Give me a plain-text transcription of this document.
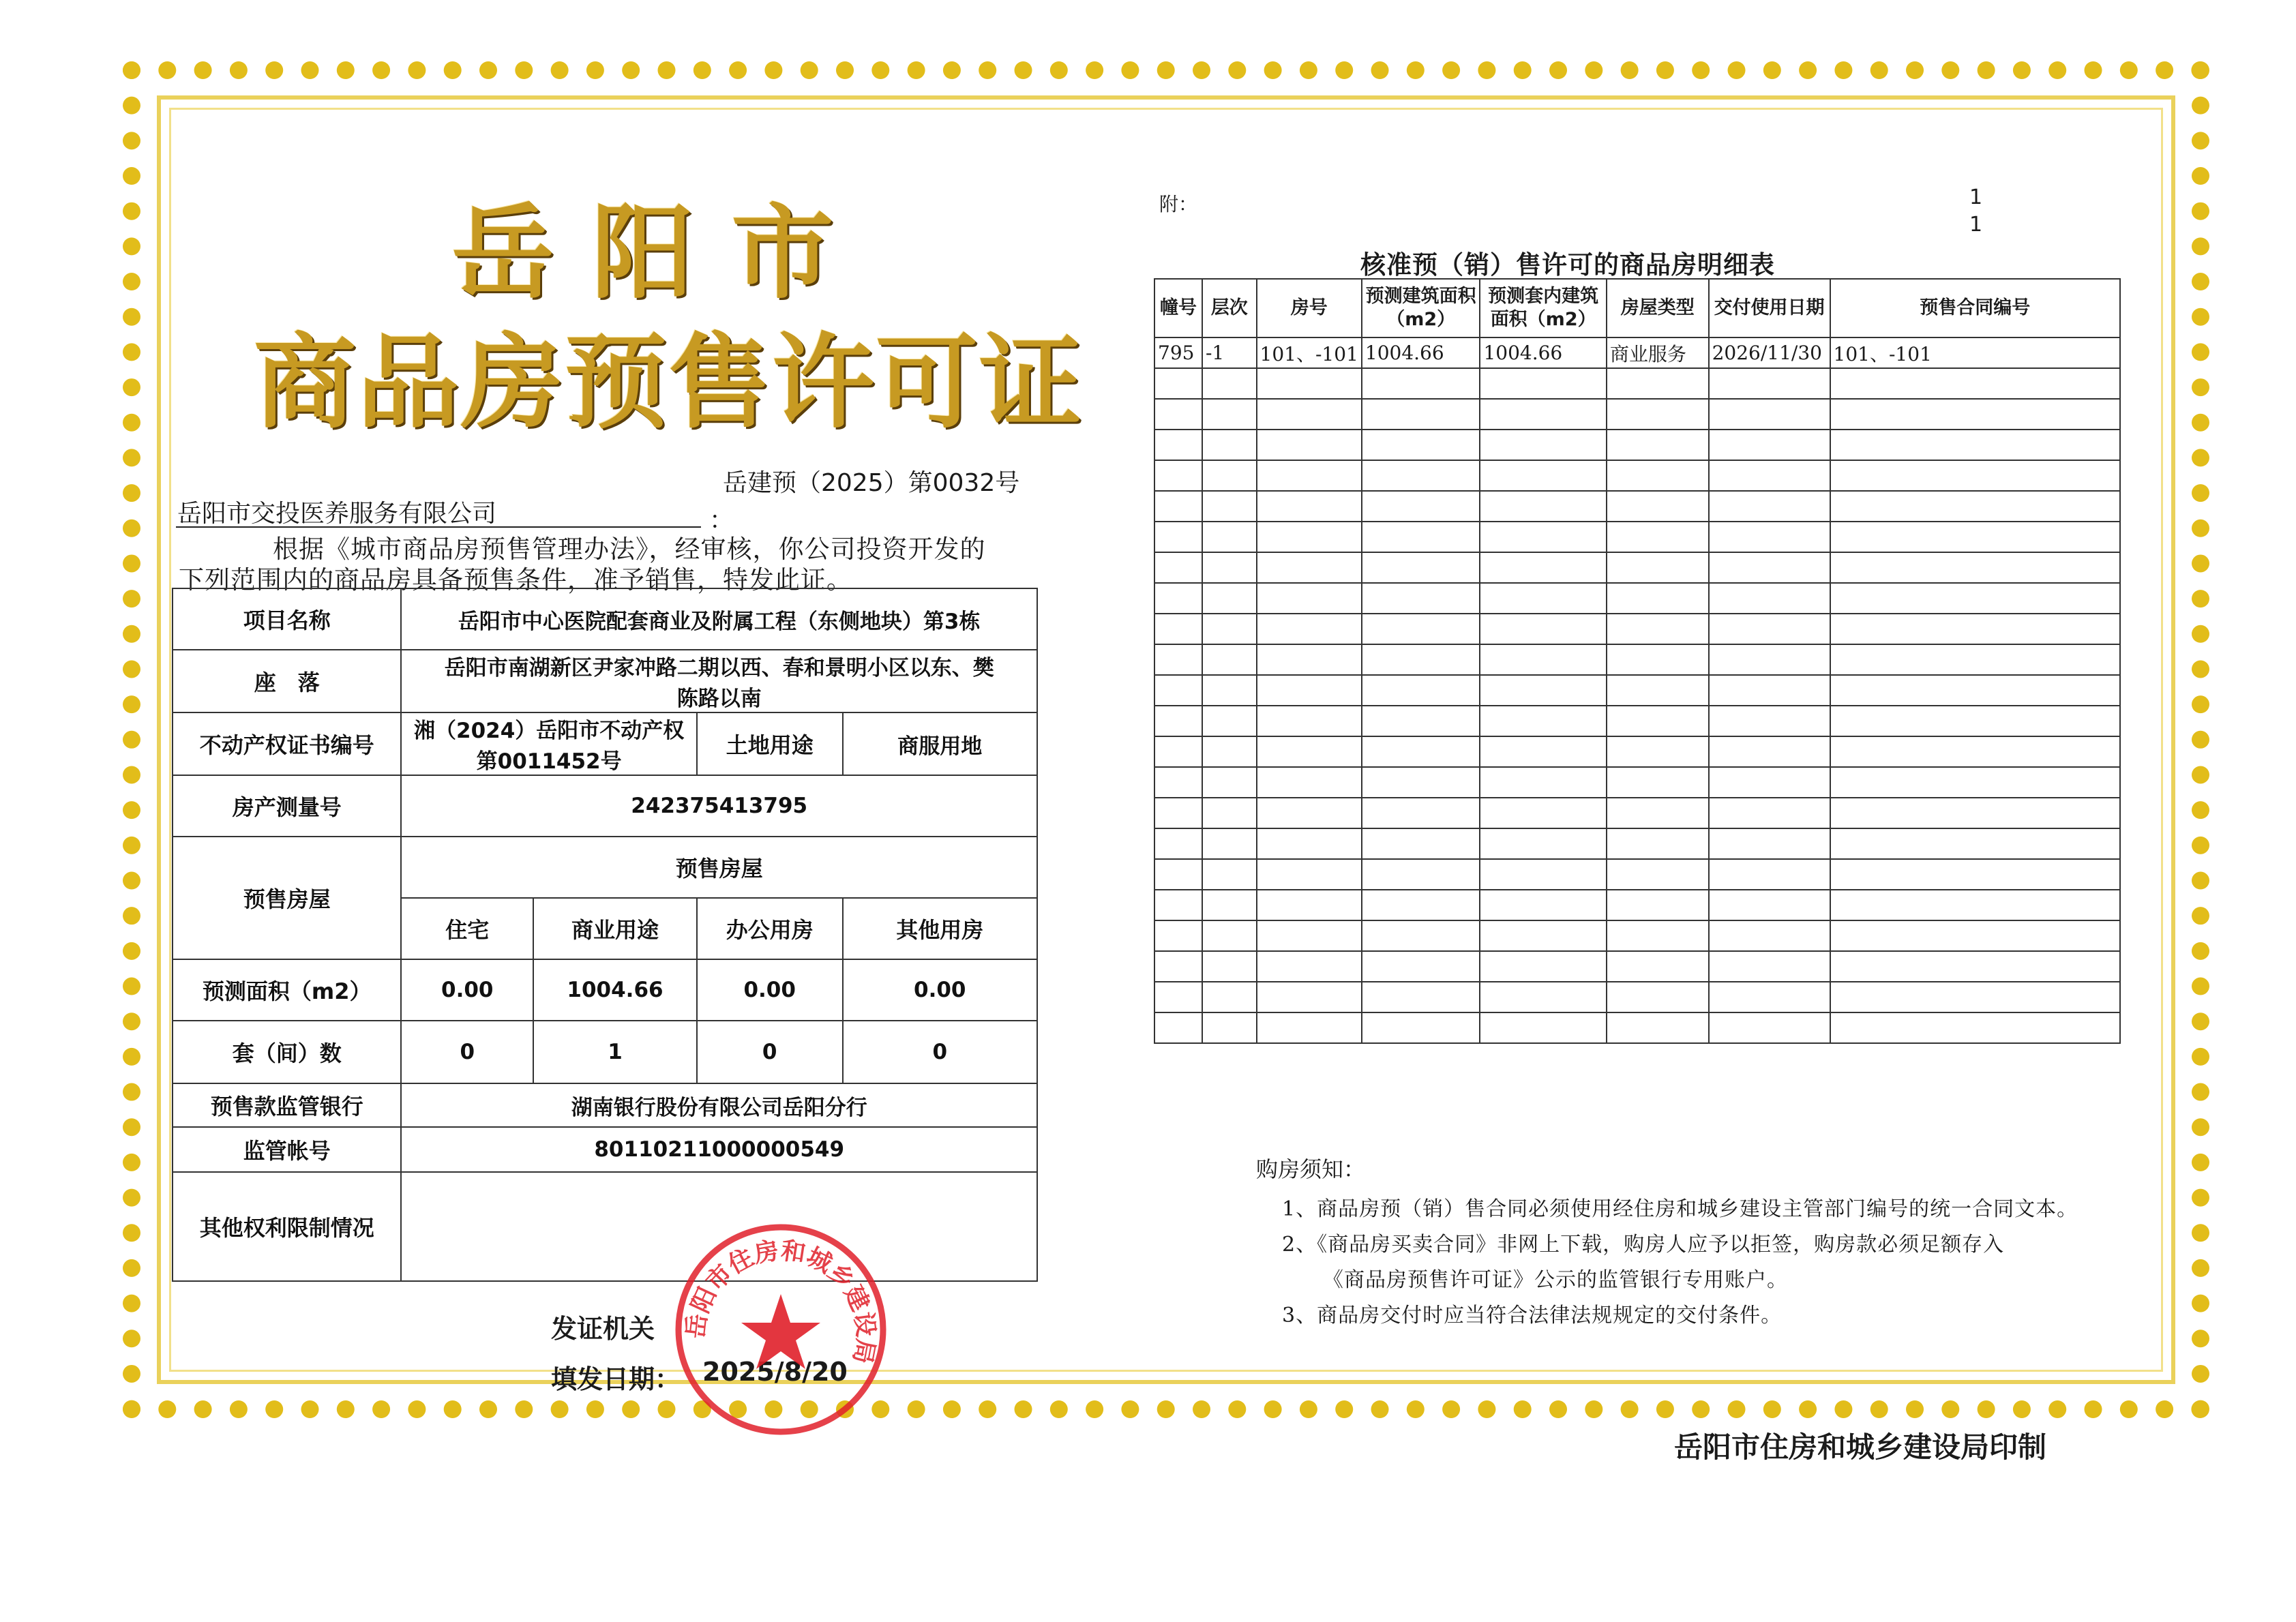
岳阳市
商品房预售许可证
岳建预（2025）第0032号
岳阳市交投医养服务有限公司	：
根据《城市商品房预售管理办法》，经审核，你公司投资开发的
下列范围内的商品房具备预售条件，准予销售，特发此证。
项目名称	岳阳市中心医院配套商业及附属工程（东侧地块）第3栋			
座　落	岳阳市南湖新区尹家冲路二期以西、春和景明小区以东、樊
陈路以南			

不动产权证书编号	湘（2024）岳阳市不动产权
第0011452号		土地用途	商服用地
房产测量号	242375413795			
预售房屋	预售房屋			
	住宅	商业用途	办公用房	其他用房
预测面积（m2）	0.00	1004.66	0.00	0.00
套（间）数	0	1	0	0
预售款监管银行	湖南银行股份有限公司岳阳分行			
监管帐号	80110211000000549			
其他权利限制情况				
发证机关
填发日期： 2025/8/20
岳阳市住房和城乡建设局
附：	1
1
核准预（销）售许可的商品房明细表
幢号	层次	房号	预测建筑面积（m2）	预测套内建筑面积（m2）	房屋类型	交付使用日期	预售合同编号
795	-1	101、-101	1004.66	1004.66	商业服务	2026/11/30	101、-101

购房须知：
1、商品房预（销）售合同必须使用经住房和城乡建设主管部门编号的统一合同文本。
2、《商品房买卖合同》非网上下载，购房人应予以拒签，购房款必须足额存入
《商品房预售许可证》公示的监管银行专用账户。
3、商品房交付时应当符合法律法规规定的交付条件。
岳阳市住房和城乡建设局印制
